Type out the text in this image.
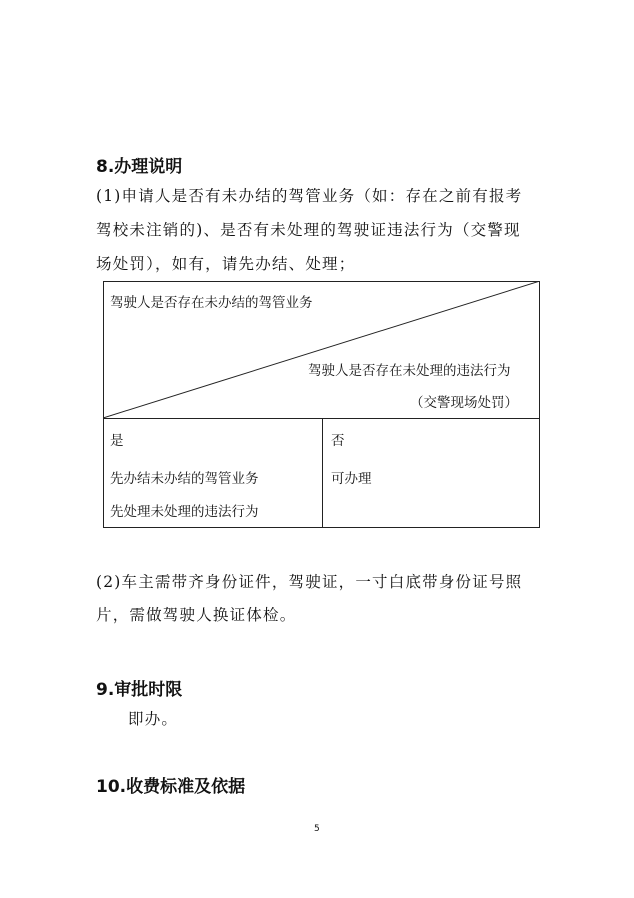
8.办理说明
(1)申请人是否有未办结的驾管业务（如：存在之前有报考
驾校未注销的)、是否有未处理的驾驶证违法行为（交警现
场处罚），如有，请先办结、处理；
驾驶人是否存在未办结的驾管业务
驾驶人是否存在未处理的违法行为
（交警现场处罚）
是	否
先办结未办结的驾管业务
先处理未处理的违法行为
可办理
(2)车主需带齐身份证件，驾驶证，一寸白底带身份证号照
片，需做驾驶人换证体检。
9.审批时限
即办。
10.收费标准及依据
5
